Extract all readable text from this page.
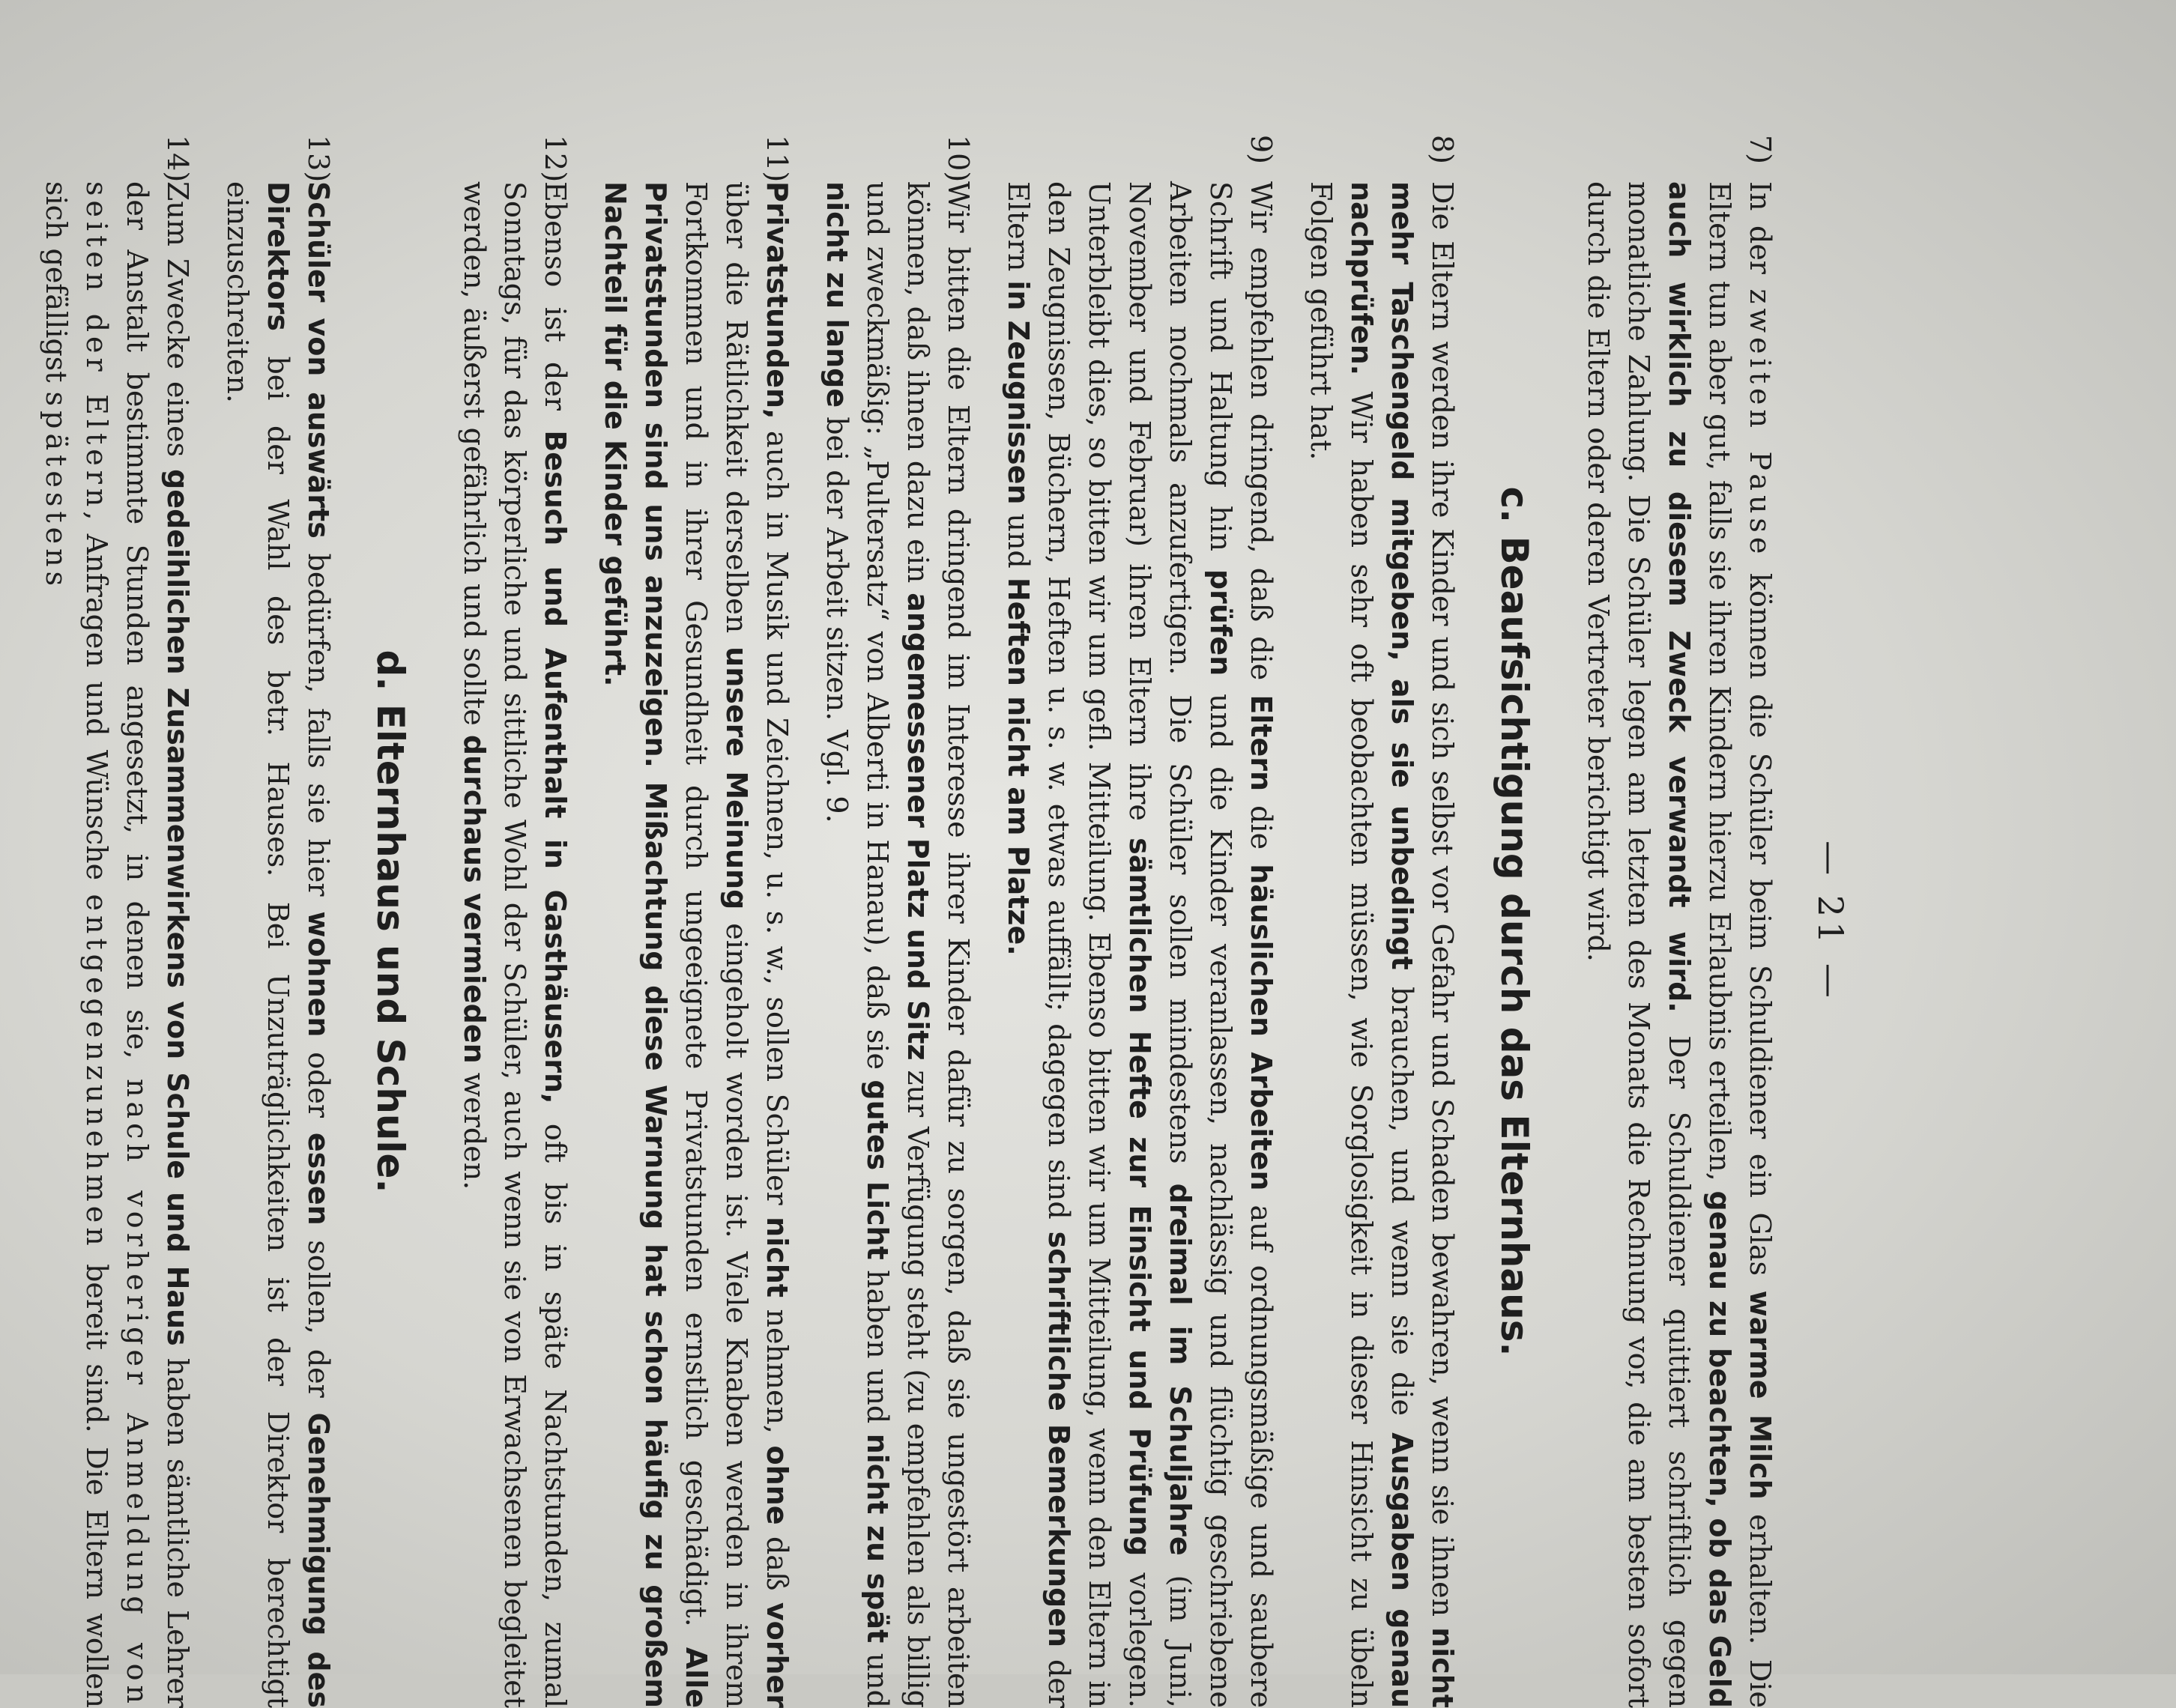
— 21 —

7)In der zweiten Pause können die Schüler beim Schuldiener ein Glas warme Milch erhalten. Die Eltern tun aber gut, falls sie ihren Kindern hierzu Erlaubnis erteilen, genau zu beachten, ob das Geld auch wirklich zu diesem Zweck verwandt wird. Der Schuldiener quittiert schriftlich gegen monatliche Zahlung. Die Schüler legen am letzten des Monats die Rechnung vor, die am besten sofort durch die Eltern oder deren Vertreter berichtigt wird.

c. Beaufsichtigung durch das Elternhaus.

8)Die Eltern werden ihre Kinder und sich selbst vor Gefahr und Schaden bewahren, wenn sie ihnen nicht mehr Taschengeld mitgeben, als sie unbedingt brauchen, und wenn sie die Ausgaben genau nachprüfen. Wir haben sehr oft beobachten müssen, wie Sorglosigkeit in dieser Hinsicht zu übeln Folgen geführt hat.

9)Wir empfehlen dringend, daß die Eltern die häuslichen Arbeiten auf ordnungsmäßige und saubere Schrift und Haltung hin prüfen und die Kinder veranlassen, nachlässig und flüchtig geschriebene Arbeiten nochmals anzufertigen. Die Schüler sollen mindestens dreimal im Schuljahre (im Juni, November und Februar) ihren Eltern ihre sämtlichen Hefte zur Einsicht und Prüfung vorlegen. Unterbleibt dies, so bitten wir um gefl. Mitteilung. Ebenso bitten wir um Mitteilung, wenn den Eltern in den Zeugnissen, Büchern, Heften u. s. w. etwas auffällt; dagegen sind schriftliche Bemerkungen der Eltern in Zeugnissen und Heften nicht am Platze.

10)Wir bitten die Eltern dringend im Interesse ihrer Kinder dafür zu sorgen, daß sie ungestört arbeiten können, daß ihnen dazu ein angemessener Platz und Sitz zur Verfügung steht (zu empfehlen als billig und zweckmäßig: „Pultersatz“ von Alberti in Hanau), daß sie gutes Licht haben und nicht zu spät und nicht zu lange bei der Arbeit sitzen. Vgl. 9.

11)Privatstunden, auch in Musik und Zeichnen, u. s. w., sollen Schüler nicht nehmen, ohne daß vorher über die Rätlichkeit derselben unsere Meinung eingeholt worden ist. Viele Knaben werden in ihrem Fortkommen und in ihrer Gesundheit durch ungeeignete Privatstunden ernstlich geschädigt. Alle Privatstunden sind uns anzuzeigen. Mißachtung diese Warnung hat schon häufig zu großem Nachteil für die Kinder geführt.

12)Ebenso ist der Besuch und Aufenthalt in Gasthäusern, oft bis in späte Nachtstunden, zumal Sonntags, für das körperliche und sittliche Wohl der Schüler, auch wenn sie von Erwachsenen begleitet werden, äußerst gefährlich und sollte durchaus vermieden werden.

d. Elternhaus und Schule.

13)Schüler von auswärts bedürfen, falls sie hier wohnen oder essen sollen, der Genehmigung des Direktors bei der Wahl des betr. Hauses. Bei Unzuträglichkeiten ist der Direktor berechtigt einzuschreiten.

14)Zum Zwecke eines gedeihlichen Zusammenwirkens von Schule und Haus haben sämtliche Lehrer der Anstalt bestimmte Stunden angesetzt, in denen sie, nach vorheriger Anmeldung von seiten der Eltern, Anfragen und Wünsche entgegenzunehmen bereit sind. Die Eltern wollen sich gefälligst spätestens
